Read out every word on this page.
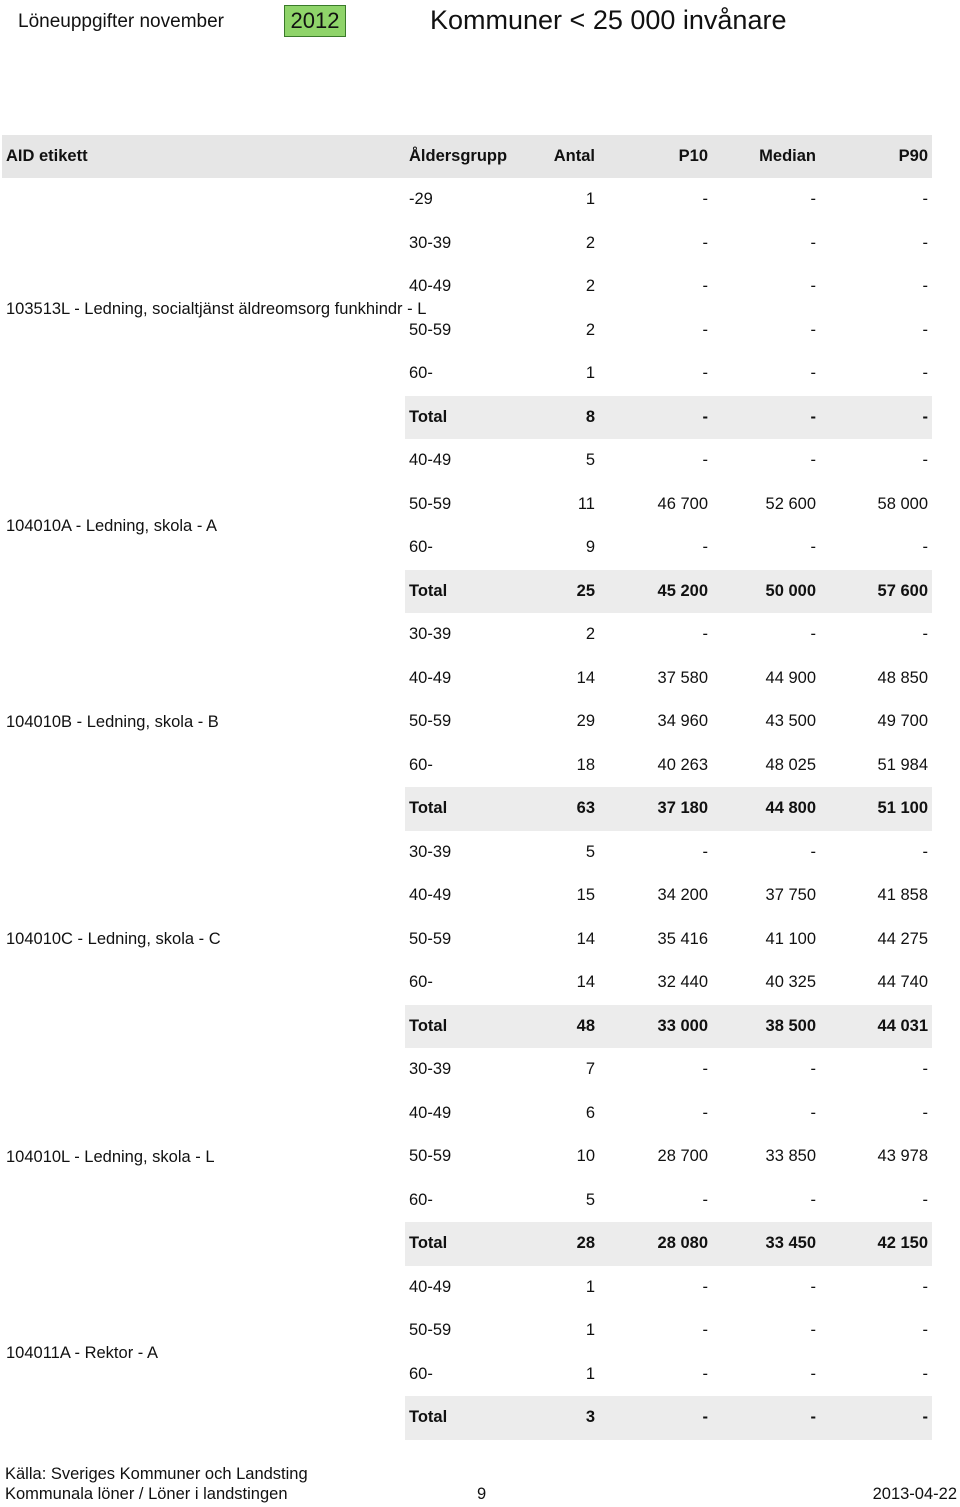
Löneuppgifter november	2012	Kommuner < 25 000 invånare
AID etikett	Åldersgrupp	Antal	P10	Median	P90
103513L - Ledning, socialtjänst äldreomsorg funkhindr - L	-29	1	-	-	-
	30-39	2	-	-	-
	40-49	2	-	-	-
	50-59	2	-	-	-
	60-	1	-	-	-
	Total	8	-	-	-
104010A - Ledning, skola - A	40-49	5	-	-	-
	50-59	11	46 700	52 600	58 000
	60-	9	-	-	-
	Total	25	45 200	50 000	57 600
104010B - Ledning, skola - B	30-39	2	-	-	-
	40-49	14	37 580	44 900	48 850
	50-59	29	34 960	43 500	49 700
	60-	18	40 263	48 025	51 984
	Total	63	37 180	44 800	51 100
104010C - Ledning, skola - C	30-39	5	-	-	-
	40-49	15	34 200	37 750	41 858
	50-59	14	35 416	41 100	44 275
	60-	14	32 440	40 325	44 740
	Total	48	33 000	38 500	44 031
104010L - Ledning, skola - L	30-39	7	-	-	-
	40-49	6	-	-	-
	50-59	10	28 700	33 850	43 978
	60-	5	-	-	-
	Total	28	28 080	33 450	42 150
104011A - Rektor - A	40-49	1	-	-	-
	50-59	1	-	-	-
	60-	1	-	-	-
	Total	3	-	-	-
Källa: Sveriges Kommuner och Landsting
Kommunala löner / Löner i landstingen	9	2013-04-22
